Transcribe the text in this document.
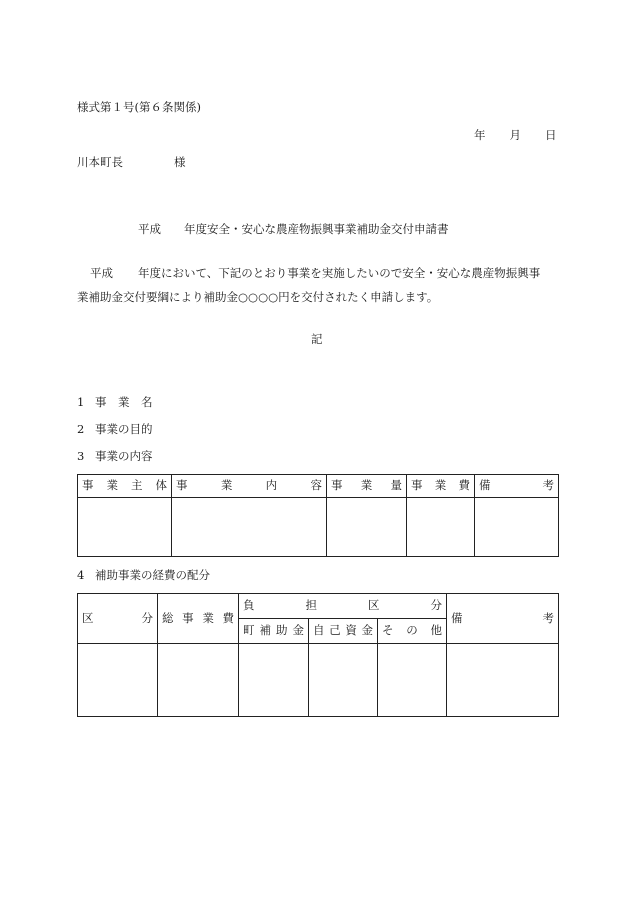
様式第１号(第６条関係)
年 月 日
川本町長	様
平成 年度安全・安心な農産物振興事業補助金交付申請書
平成 年度において、下記のとおり事業を実施したいので安全・安心な農産物振興事
業補助金交付要綱により補助金○○○○円を交付されたく申請します。
記
1 事　業　名
2 事業の目的
3 事業の内容
事業主体	事業内容	事業量	事業費	備考

4 補助事業の経費の配分
区分	総事業費	負担区分			備考
		町補助金	自己資金	その他	
